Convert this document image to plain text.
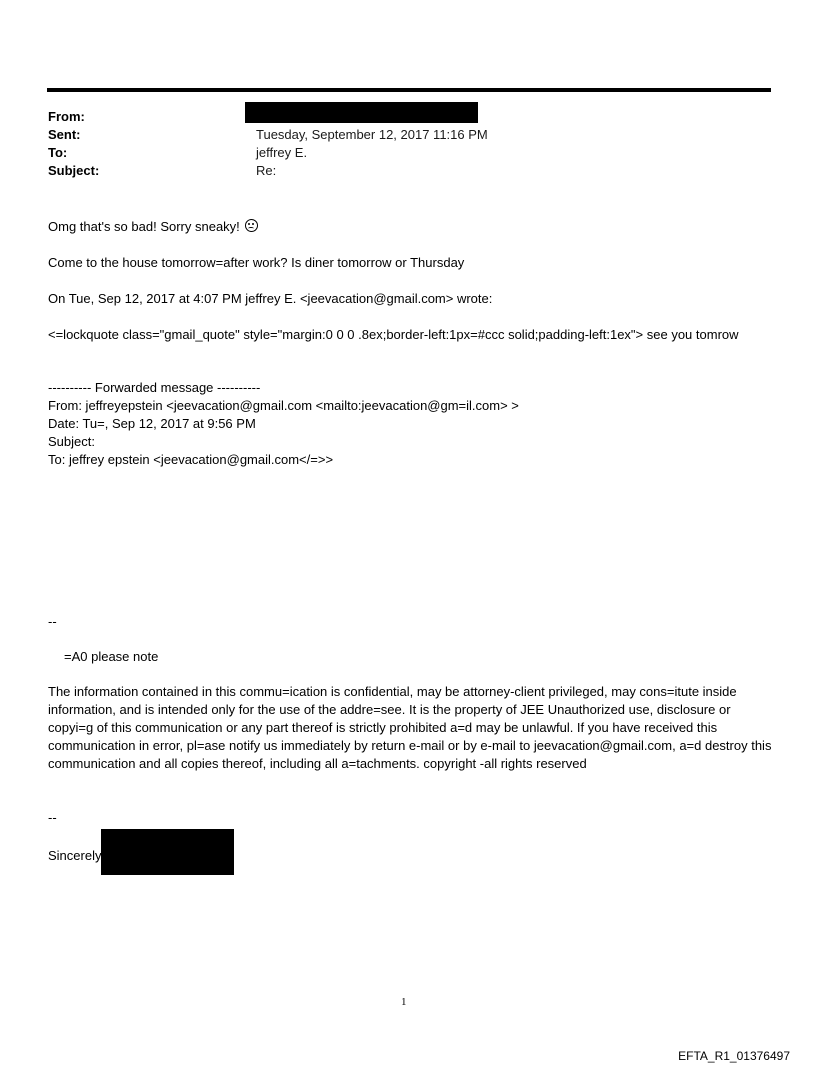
From:
Sent:	Tuesday, September 12, 2017 11:16 PM
To:	jeffrey E.
Subject:	Re:

Omg that's so bad! Sorry sneaky!

Come to the house tomorrow=after work? Is diner tomorrow or Thursday

On Tue, Sep 12, 2017 at 4:07 PM jeffrey E. <jeevacation@gmail.com> wrote:

<=lockquote class="gmail_quote" style="margin:0 0 0 .8ex;border-left:1px=#ccc solid;padding-left:1ex"> see you tomrow

---------- Forwarded message ----------

From: jeffreyepstein <jeevacation@gmail.com <mailto:jeevacation@gm=il.com> >

Date: Tu=, Sep 12, 2017 at 9:56 PM

Subject:

To: jeffrey epstein <jeevacation@gmail.com</=>>

--

=A0 please note

The information contained in this commu=ication is confidential, may be attorney-client privileged, may cons=itute inside information, and is intended only for the use of the addre=see. It is the property of JEE Unauthorized use, disclosure or copyi=g of this communication or any part thereof is strictly prohibited a=d may be unlawful. If you have received this communication in error, pl=ase notify us immediately by return e-mail or by e-mail to jeevacation@gmail.com, a=d destroy this communication and all copies thereof, including all a=tachments. copyright -all rights reserved

--

Sincerely

1
EFTA_R1_01376497
